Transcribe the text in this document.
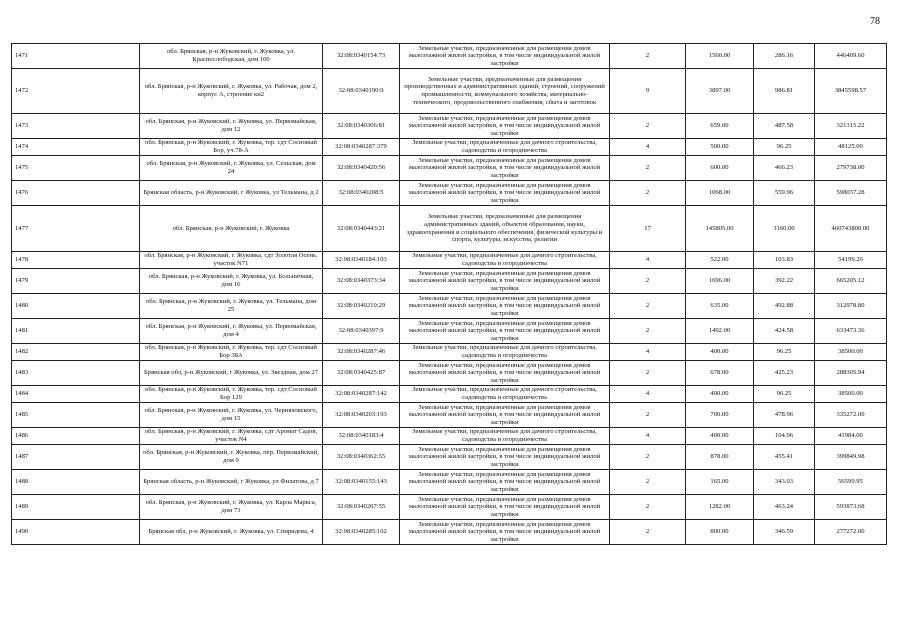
78
1471	обл. Брянская, р-н Жуковский, г. Жуковка, ул. Краснослободская, дом 100	32:08:0340154:73	Земельные участки, предназначенные для размещения домов малоэтажной жилой застройки, в том числе индивидуальной жилой застройки	2	1560.00	286.16	446409.60
1472	обл. Брянская, р-н Жуковский, г. Жуковка, ул. Рабочая, дом 2, корпус А, строение кн2	32:08:0340190:9	Земельные участки, предназначенные для размещения производственных и административных зданий, строений, сооружений промышленности, коммунального хозяйства, материально-технического, продовольственного снабжения, сбыта и заготовок	9	3897.00	986.81	3845598.57
1473	обл. Брянская, р-н Жуковский, г. Жуковка, ул. Первомайская, дом 12	32:08:0340366:81	Земельные участки, предназначенные для размещения домов малоэтажной жилой застройки, в том числе индивидуальной жилой застройки	2	659.00	487.58	321315.22
1474	обл. Брянская, р-н Жуковский, г. Жуковка, тер. сдт Сосновый Бор, уч.78-А	32:08:0340287:379	Земельные участки, предназначенные для дачного строительства, садоводства и огородничества	4	500.00	96.25	48125.00
1475	обл. Брянская, р-н Жуковский, г. Жуковка, ул. Сельская, дом 24	32:08:0340420:56	Земельные участки, предназначенные для размещения домов малоэтажной жилой застройки, в том числе индивидуальной жилой застройки	2	600.00	466.23	279738.00
1476	Брянская область, р-н Жуковский, г Жуковка, ул Тельмана, д 2	32:08:0340208:5	Земельные участки, предназначенные для размещения домов малоэтажной жилой застройки, в том числе индивидуальной жилой застройки	2	1068.00	559.96	598037.28
1477	обл. Брянская, р-н Жуковский, г. Жуковка	32:08:0340443:21	Земельные участки, предназначенные для размещения административных зданий, объектов образования, науки, здравоохранения и социального обеспечения, физической культуры и спорта, культуры, искусства, религии	17	145805.00	3160.00	460743800.00
1478	обл. Брянская, р-н Жуковский, г. Жуковка, сдт Золотая Осень, участок N71	32:08:0340184:103	Земельные участки, предназначенные для дачного строительства, садоводства и огородничества	4	522.00	103.83	54199.26
1479	обл. Брянская, р-н Жуковский, г. Жуковка, ул. Больничная, дом 16	32:08:0340373:34	Земельные участки, предназначенные для размещения домов малоэтажной жилой застройки, в том числе индивидуальной жилой застройки	2	1696.00	392.22	665205.12
1480	обл. Брянская, р-н Жуковский, г. Жуковка, ул. Тельмана, дом 25	32:08:0340210:29	Земельные участки, предназначенные для размещения домов малоэтажной жилой застройки, в том числе индивидуальной жилой застройки	2	635.00	492.88	312978.80
1481	обл. Брянская, р-н Жуковский, г. Жуковка, ул. Первомайская, дом 4	32:08:0340397:9	Земельные участки, предназначенные для размещения домов малоэтажной жилой застройки, в том числе индивидуальной жилой застройки	2	1492.00	424.58	633473.36
1482	обл. Брянская, р-н Жуковский, г. Жуковка, тер. сдт Сосновый Бор 38А	32:08:0340287:46	Земельные участки, предназначенные для дачного строительства, садоводства и огородничества	4	400.00	96.25	38500.00
1483	Брянская обл, р-н Жуковский, г Жуковка, ул. Звездная, дом 27	32:08:0340425:87	Земельные участки, предназначенные для размещения домов малоэтажной жилой застройки, в том числе индивидуальной жилой застройки	2	678.00	425.23	288305.94
1484	обл. Брянская, р-н Жуковский, г. Жуковка, тер. сдт Сосновый Бор 129	32:08:0340287:142	Земельные участки, предназначенные для дачного строительства, садоводства и огородничества	4	400.00	96.25	38500.00
1485	обл. Брянская, р-н Жуковский, г. Жуковка, ул. Черняховского, дом 15	32:08:0340203:193	Земельные участки, предназначенные для размещения домов малоэтажной жилой застройки, в том числе индивидуальной жилой застройки	2	700.00	478.96	335272.00
1486	обл. Брянская, р-н Жуковский, г. Жуковка, сдт Аромат Садов, участок N4	32:08:0340183:4	Земельные участки, предназначенные для дачного строительства, садоводства и огородничества	4	400.00	104.96	41984.00
1487	обл. Брянская, р-н Жуковский, г. Жуковка, пер. Первомайский, дом 9	32:08:0340362:55	Земельные участки, предназначенные для размещения домов малоэтажной жилой застройки, в том числе индивидуальной жилой застройки	2	878.00	455.41	399849.98
1488	Брянская область, р-н Жуковский, г Жуковка, ул Филатова, д 7	32:08:0340155:143	Земельные участки, предназначенные для размещения домов малоэтажной жилой застройки, в том числе индивидуальной жилой застройки	2	165.00	343.03	56599.95
1489	обл. Брянская, р-н Жуковский, г. Жуковка, ул. Карла Маркса, дом 73	32:08:0340207:55	Земельные участки, предназначенные для размещения домов малоэтажной жилой застройки, в том числе индивидуальной жилой застройки	2	1282.00	463.24	593873.68
1490	Брянская обл, р-н Жуковский, г. Жуковка, ул. Спиридева, 4	32:08:0340285:162	Земельные участки, предназначенные для размещения домов малоэтажной жилой застройки, в том числе индивидуальной жилой застройки	2	800.00	346.59	277272.00
